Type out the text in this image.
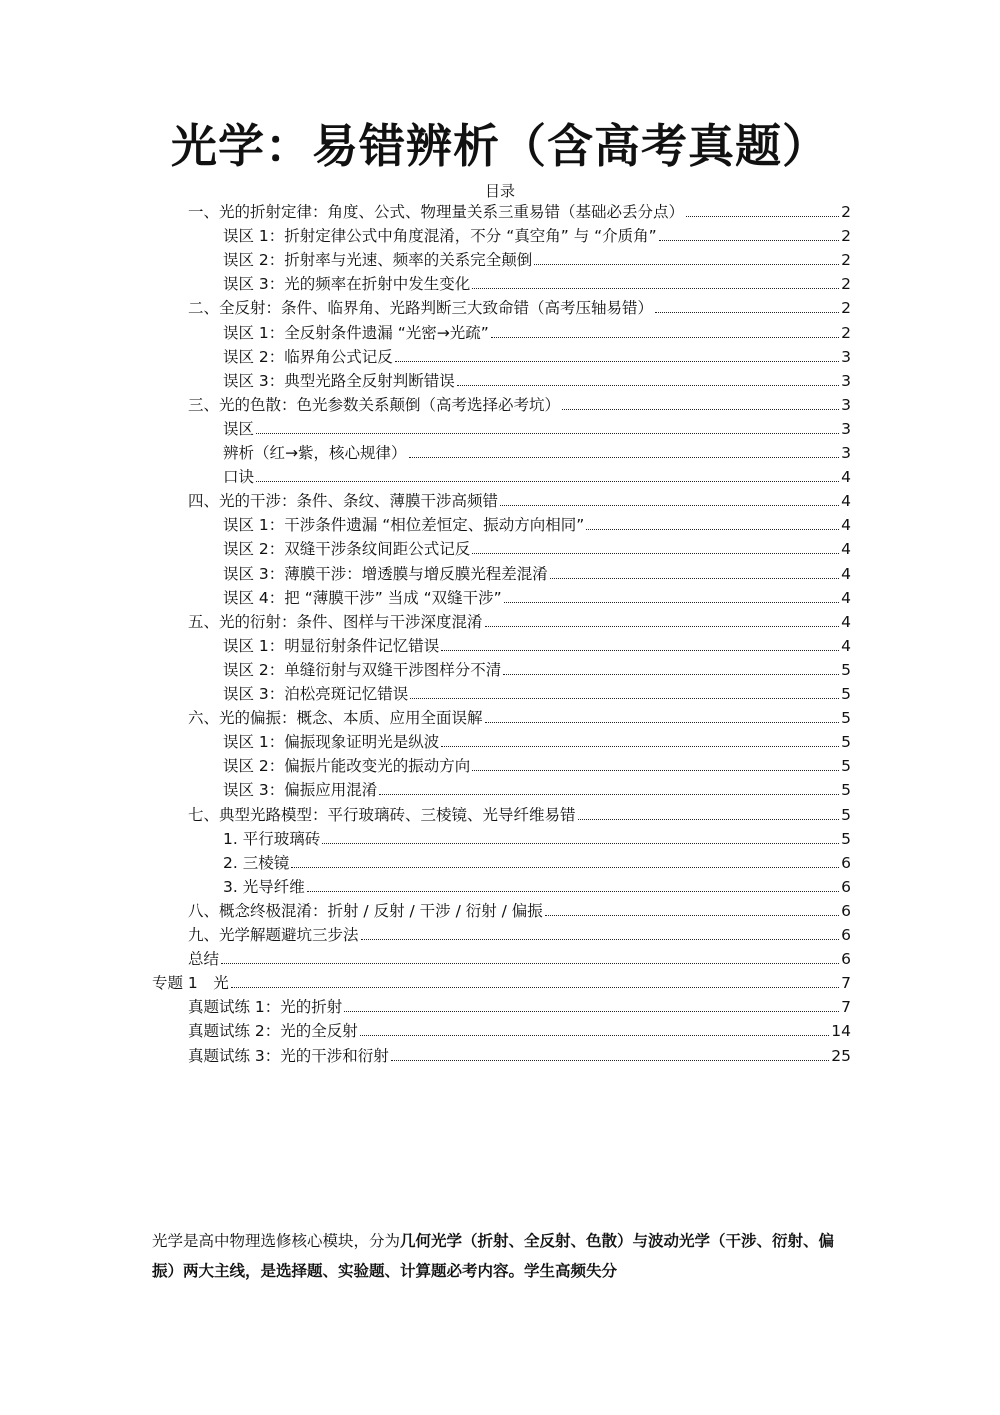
光学：易错辨析（含高考真题）
目录
一、光的折射定律：角度、公式、物理量关系三重易错（基础必丢分点）	2
误区 1：折射定律公式中角度混淆，不分 “真空角” 与 “介质角”	2
误区 2：折射率与光速、频率的关系完全颠倒	2
误区 3：光的频率在折射中发生变化	2
二、全反射：条件、临界角、光路判断三大致命错（高考压轴易错）	2
误区 1：全反射条件遗漏 “光密→光疏”	2
误区 2：临界角公式记反	3
误区 3：典型光路全反射判断错误	3
三、光的色散：色光参数关系颠倒（高考选择必考坑）	3
误区	3
辨析（红→紫，核心规律）	3
口诀	4
四、光的干涉：条件、条纹、薄膜干涉高频错	4
误区 1：干涉条件遗漏 “相位差恒定、振动方向相同”	4
误区 2：双缝干涉条纹间距公式记反	4
误区 3：薄膜干涉：增透膜与增反膜光程差混淆	4
误区 4：把 “薄膜干涉” 当成 “双缝干涉”	4
五、光的衍射：条件、图样与干涉深度混淆	4
误区 1：明显衍射条件记忆错误	4
误区 2：单缝衍射与双缝干涉图样分不清	5
误区 3：泊松亮斑记忆错误	5
六、光的偏振：概念、本质、应用全面误解	5
误区 1：偏振现象证明光是纵波	5
误区 2：偏振片能改变光的振动方向	5
误区 3：偏振应用混淆	5
七、典型光路模型：平行玻璃砖、三棱镜、光导纤维易错	5
1. 平行玻璃砖	5
2. 三棱镜	6
3. 光导纤维	6
八、概念终极混淆：折射 / 反射 / 干涉 / 衍射 / 偏振	6
九、光学解题避坑三步法	6
总结	6
专题 1　光	7
真题试练 1：光的折射	7
真题试练 2：光的全反射	14
真题试练 3：光的干涉和衍射	25
光学是高中物理选修核心模块，分为几何光学（折射、全反射、色散）与波动光学（干涉、衍射、偏振）两大主线，是选择题、实验题、计算题必考内容。学生高频失分
